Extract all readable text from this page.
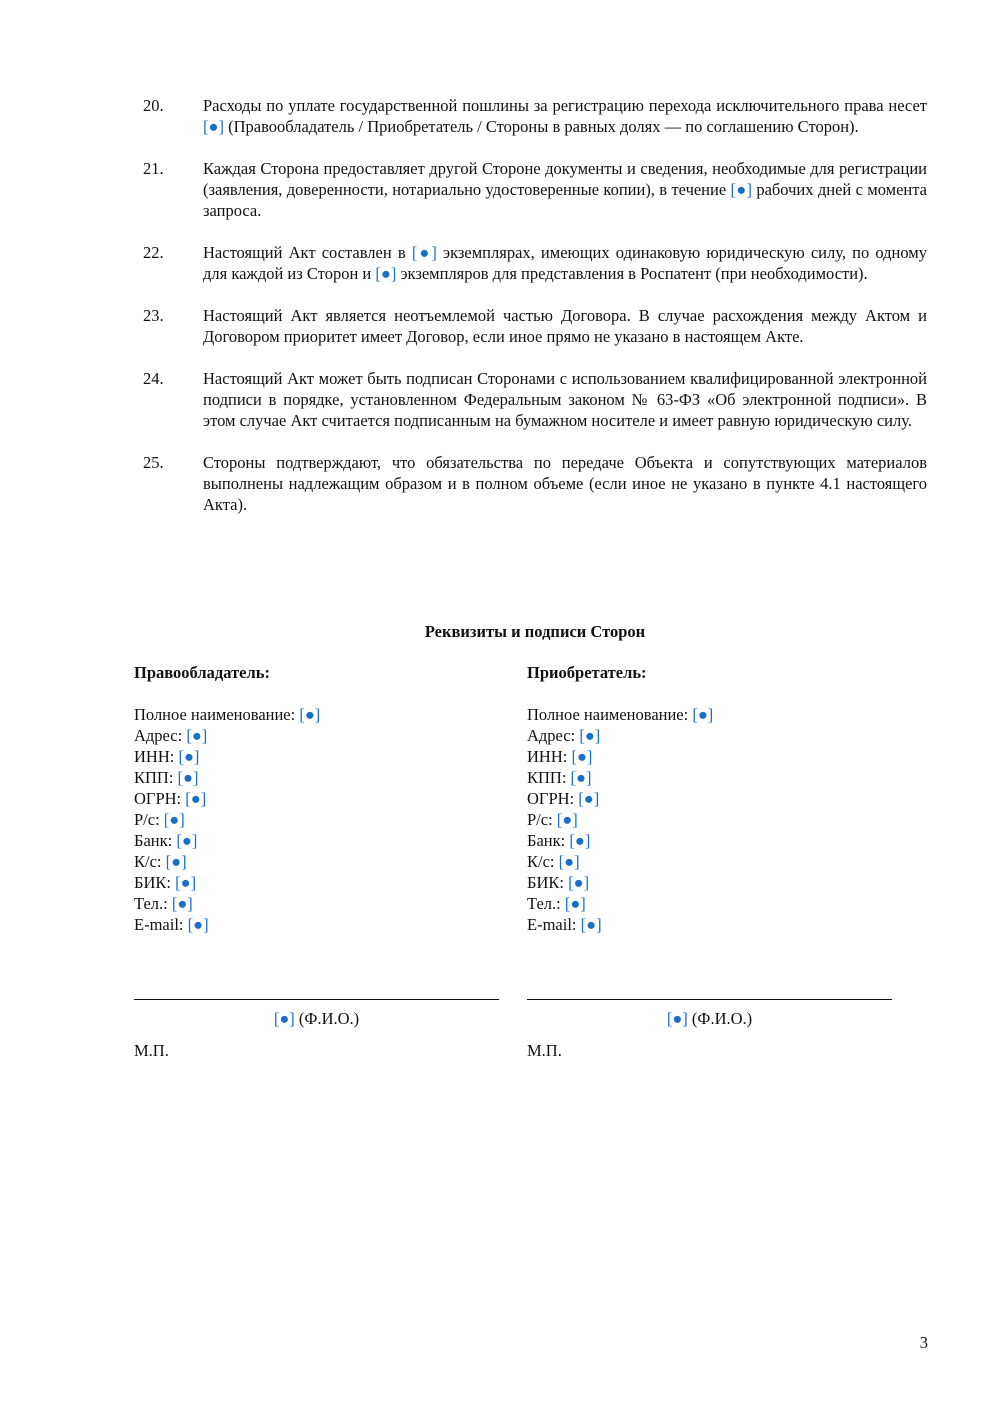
20. Расходы по уплате государственной пошлины за регистрацию перехода исключительного права несет [●] (Правообладатель / Приобретатель / Стороны в равных долях — по соглашению Сторон).
21. Каждая Сторона предоставляет другой Стороне документы и сведения, необходимые для регистрации (заявления, доверенности, нотариально удостоверенные копии), в течение [●] рабочих дней с момента запроса.
22. Настоящий Акт составлен в [●] экземплярах, имеющих одинаковую юридическую силу, по одному для каждой из Сторон и [●] экземпляров для представления в Роспатент (при необходимости).
23. Настоящий Акт является неотъемлемой частью Договора. В случае расхождения между Актом и Договором приоритет имеет Договор, если иное прямо не указано в настоящем Акте.
24. Настоящий Акт может быть подписан Сторонами с использованием квалифицированной электронной подписи в порядке, установленном Федеральным законом № 63-ФЗ «Об электронной подписи». В этом случае Акт считается подписанным на бумажном носителе и имеет равную юридическую силу.
25. Стороны подтверждают, что обязательства по передаче Объекта и сопутствующих материалов выполнены надлежащим образом и в полном объеме (если иное не указано в пункте 4.1 настоящего Акта).
Реквизиты и подписи Сторон
Правообладатель:
Полное наименование: [●]
Адрес: [●]
ИНН: [●]
КПП: [●]
ОГРН: [●]
Р/с: [●]
Банк: [●]
К/с: [●]
БИК: [●]
Тел.: [●]
E-mail: [●]
Приобретатель:
Полное наименование: [●]
Адрес: [●]
ИНН: [●]
КПП: [●]
ОГРН: [●]
Р/с: [●]
Банк: [●]
К/с: [●]
БИК: [●]
Тел.: [●]
E-mail: [●]
[●] (Ф.И.О.)	[●] (Ф.И.О.)
М.П.	М.П.
3
